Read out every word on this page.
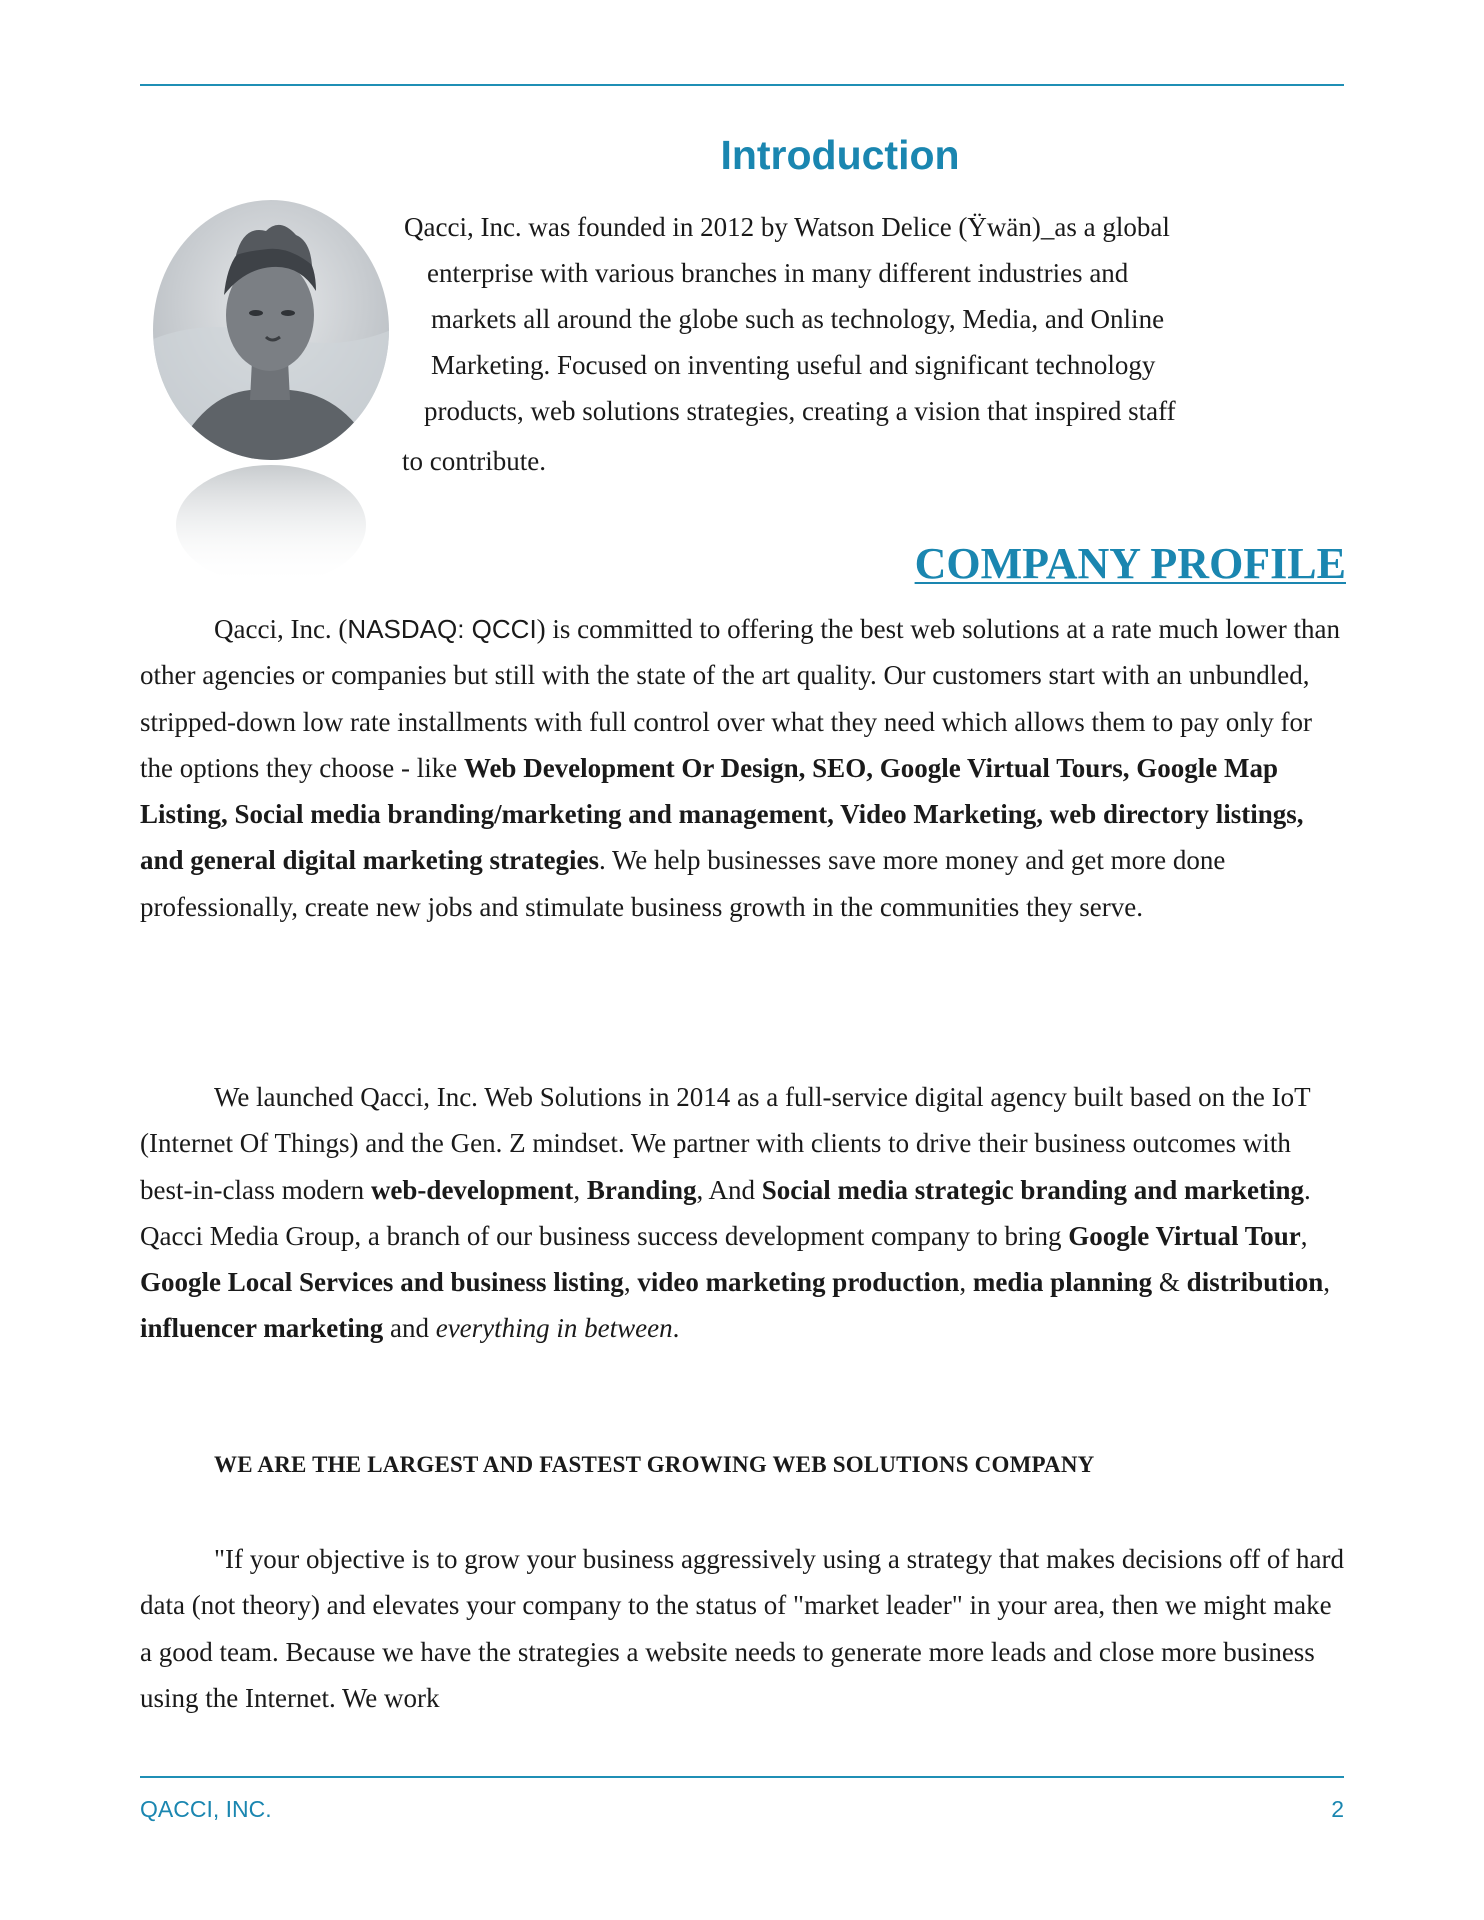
Introduction
Qacci, Inc. was founded in 2012 by Watson Delice (Ÿwän)_as a global
enterprise with various branches in many different industries and
markets all around the globe such as technology, Media, and Online
Marketing. Focused on inventing useful and significant technology
products, web solutions strategies, creating a vision that inspired staff
to contribute.
COMPANY PROFILE

Qacci, Inc. (NASDAQ: QCCI) is committed to offering the best web solutions at a rate much lower than other agencies or companies but still with the state of the art quality. Our customers start with an unbundled, stripped-down low rate installments with full control over what they need which allows them to pay only for the options they choose - like Web Development Or Design, SEO, Google Virtual Tours, Google Map Listing, Social media branding/marketing and management, Video Marketing, web directory listings, and general digital marketing strategies. We help businesses save more money and get more done professionally, create new jobs and stimulate business growth in the communities they serve.

We launched Qacci, Inc. Web Solutions in 2014 as a full-service digital agency built based on the IoT (Internet Of Things) and the Gen. Z mindset. We partner with clients to drive their business outcomes with best-in-class modern web-development, Branding, And Social media strategic branding and marketing. Qacci Media Group, a branch of our business success development company to bring Google Virtual Tour, Google Local Services and business listing, video marketing production, media planning & distribution, influencer marketing and everything in between.

WE ARE THE LARGEST AND FASTEST GROWING WEB SOLUTIONS COMPANY

"If your objective is to grow your business aggressively using a strategy that makes decisions off of hard data (not theory) and elevates your company to the status of "market leader" in your area, then we might make a good team. Because we have the strategies a website needs to generate more leads and close more business using the Internet. We work

QACCI, INC.	2
